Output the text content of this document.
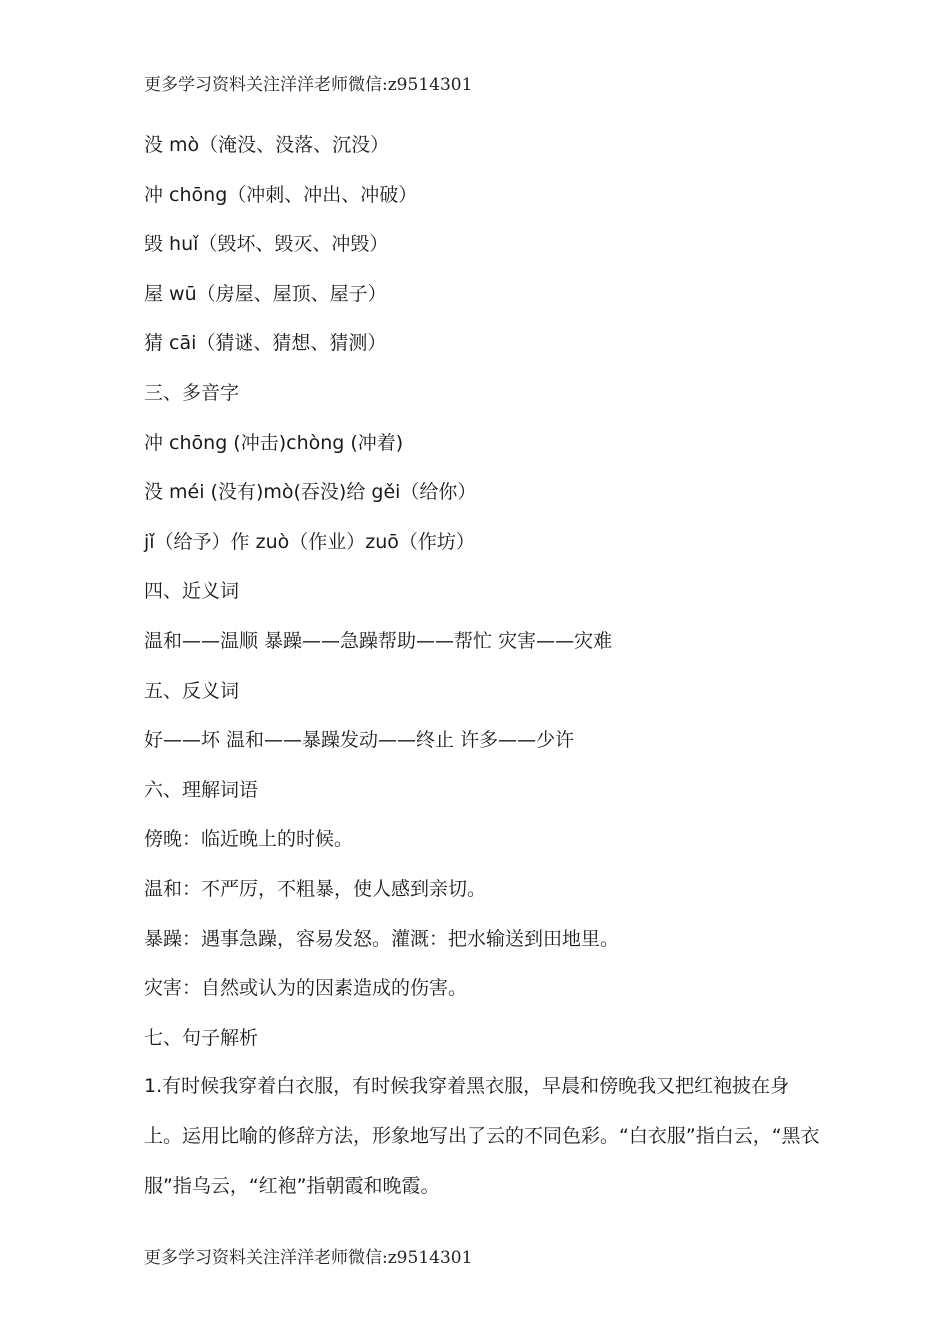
更多学习资料关注洋洋老师微信:z9514301
没 mò（淹没、没落、沉没）
冲 chōng（冲刺、冲出、冲破）
毁 huǐ（毁坏、毁灭、冲毁）
屋 wū（房屋、屋顶、屋子）
猜 cāi（猜谜、猜想、猜测）
三、多音字
冲 chōng (冲击)chòng (冲着)
没 méi (没有)mò(吞没)给 gěi（给你）
jǐ（给予）作 zuò（作业）zuō（作坊）
四、近义词
温和——温顺 暴躁——急躁帮助——帮忙 灾害——灾难
五、反义词
好——坏 温和——暴躁发动——终止 许多——少许
六、理解词语
傍晚：临近晚上的时候。
温和：不严厉，不粗暴，使人感到亲切。
暴躁：遇事急躁，容易发怒。灌溉：把水输送到田地里。
灾害：自然或认为的因素造成的伤害。
七、句子解析
1.有时候我穿着白衣服，有时候我穿着黑衣服，早晨和傍晚我又把红袍披在身上。运用比喻的修辞方法，形象地写出了云的不同色彩。“白衣服”指白云，“黑衣服”指乌云，“红袍”指朝霞和晚霞。
更多学习资料关注洋洋老师微信:z9514301
